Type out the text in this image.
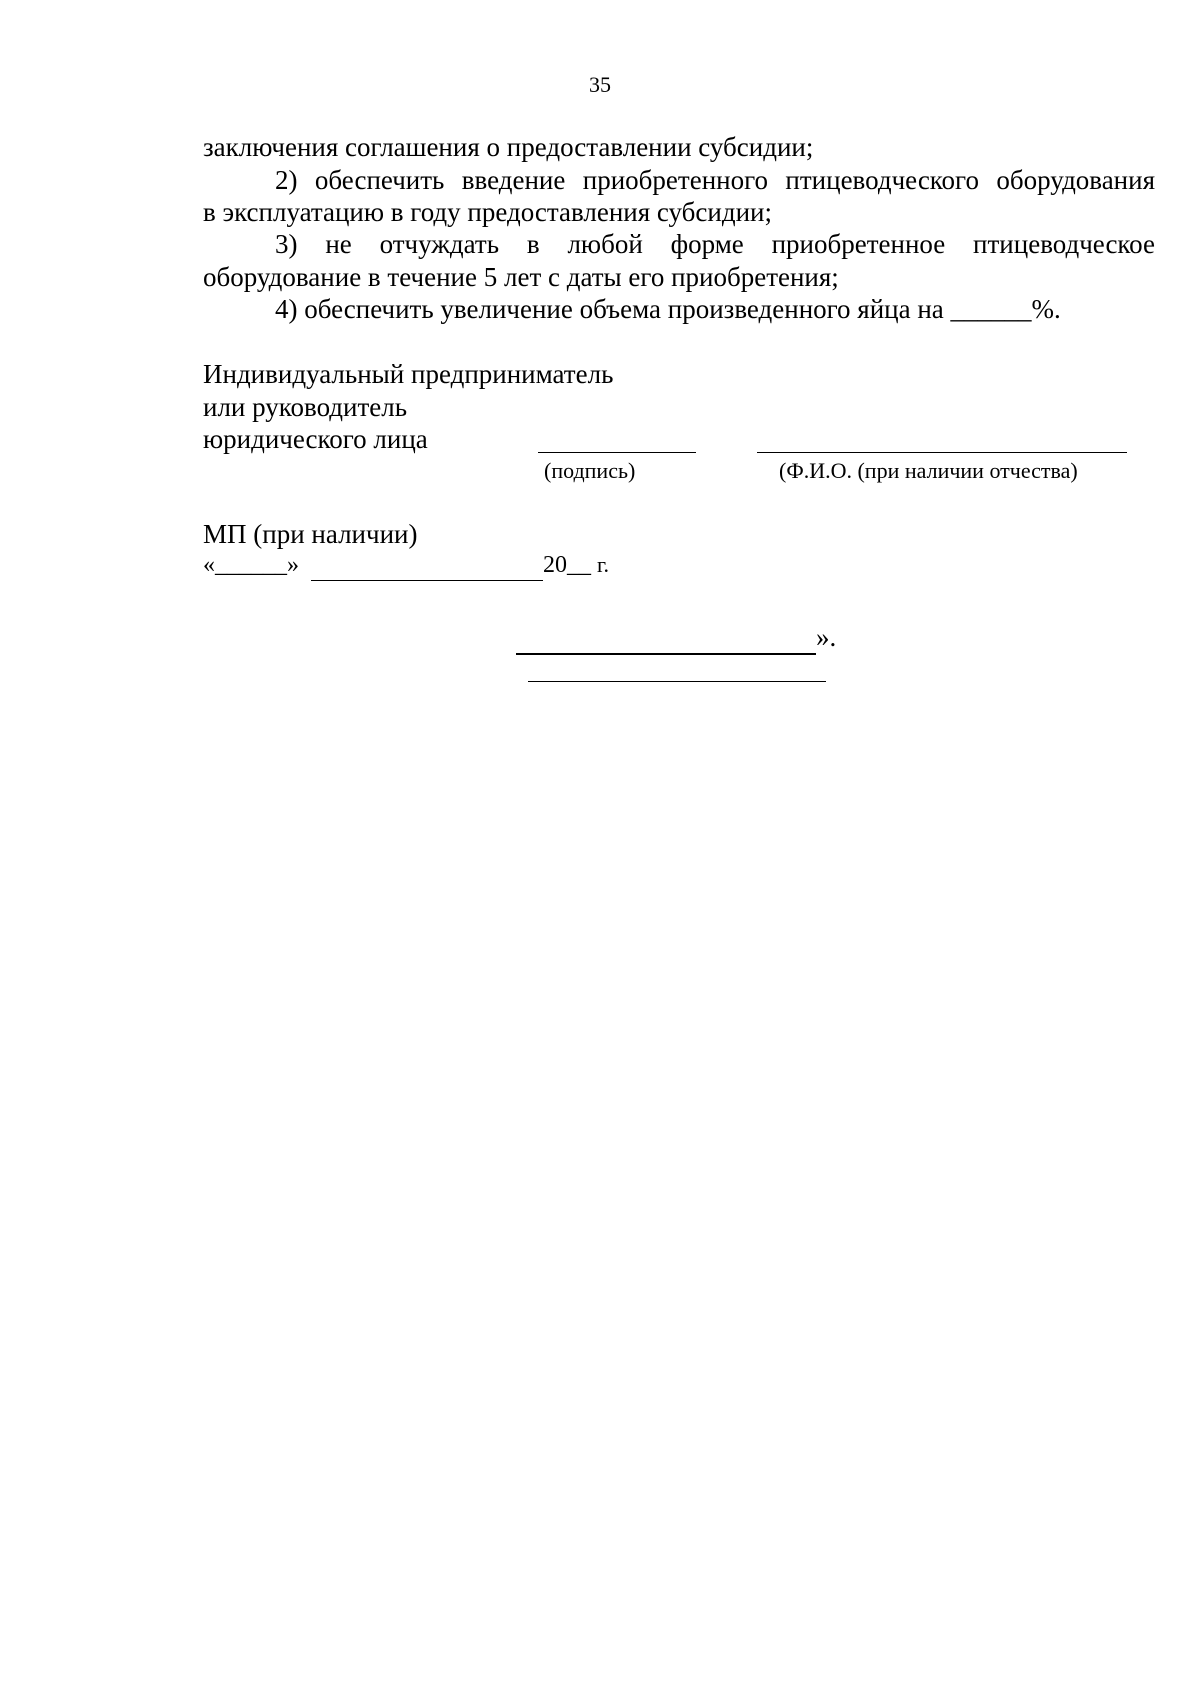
35
заключения соглашения о предоставлении субсидии;
2) обеспечить введение приобретенного птицеводческого оборудования
в эксплуатацию в году предоставления субсидии;
3) не отчуждать в любой форме приобретенное птицеводческое
оборудование в течение 5 лет с даты его приобретения;
4) обеспечить увеличение объема произведенного яйца на ______%.
Индивидуальный предприниматель
или руководитель
юридического лица
(подпись)	(Ф.И.О. (при наличии отчества)
МП (при наличии)
«______»	20__ г.
».
